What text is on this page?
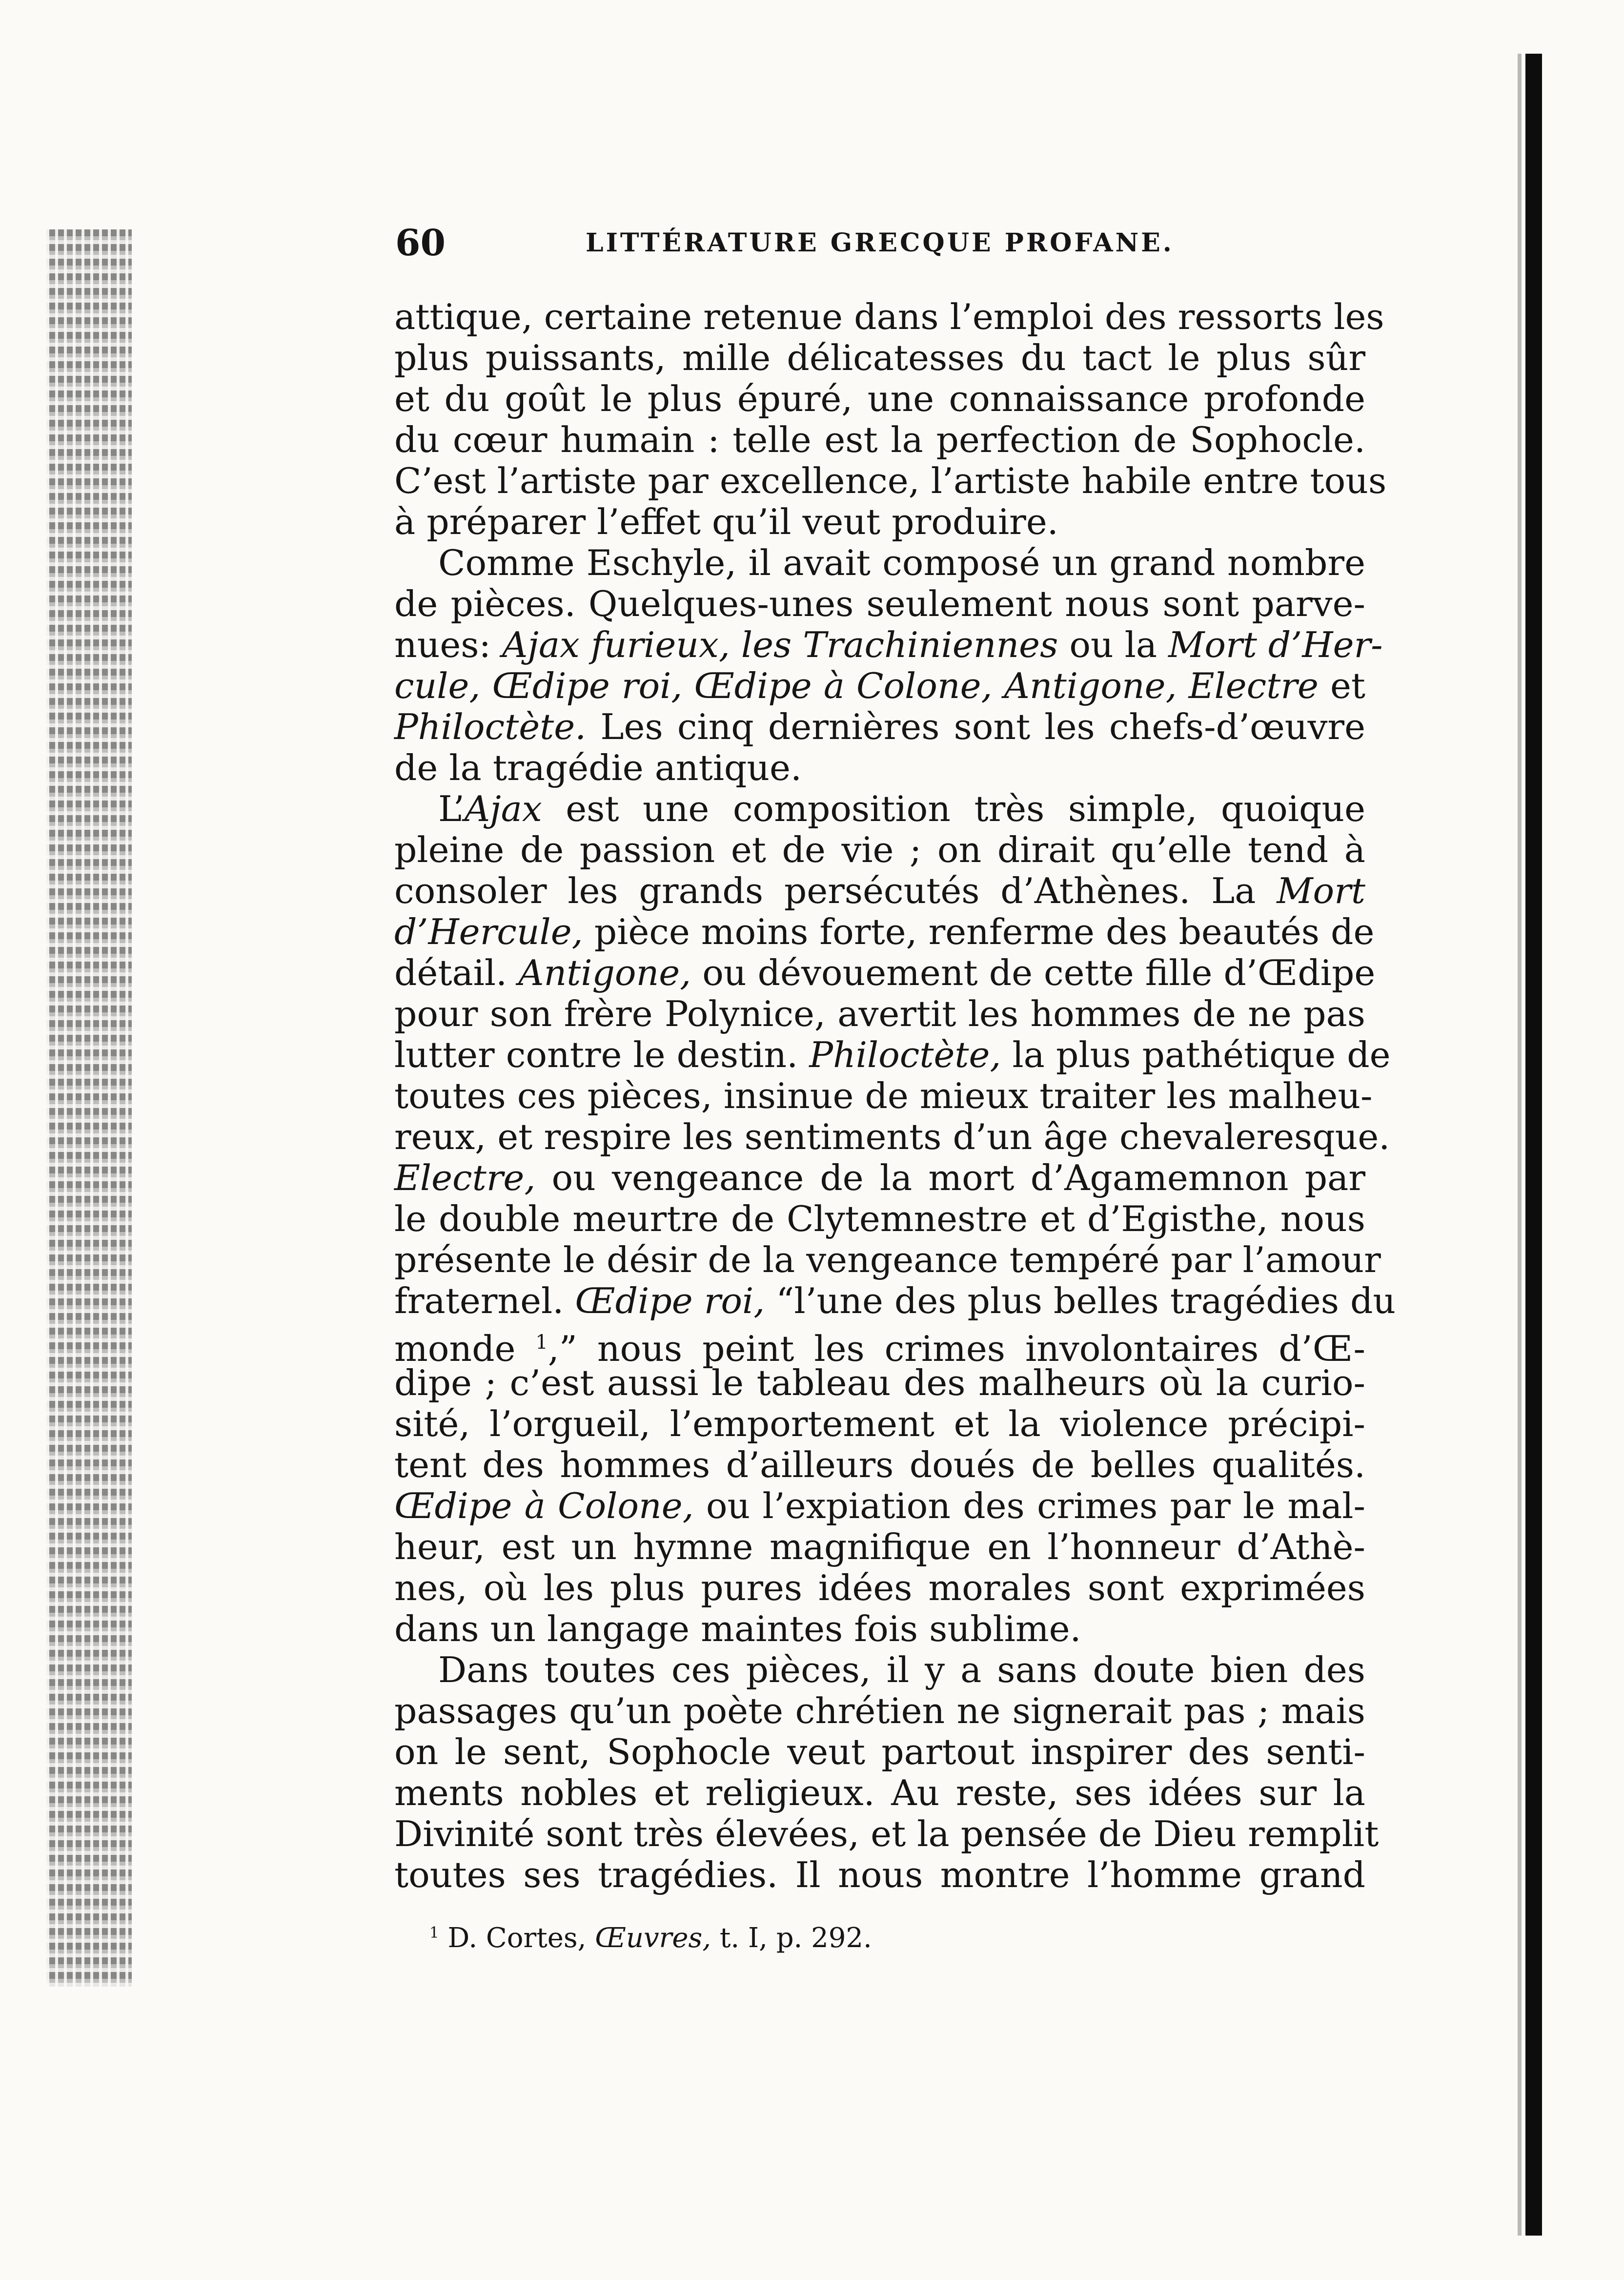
60	LITTÉRATURE GRECQUE PROFANE.
attique, certaine retenue dans l’emploi des ressorts les
plus puissants, mille délicatesses du tact le plus sûr
et du goût le plus épuré, une connaissance profonde
du cœur humain : telle est la perfection de Sophocle.
C’est l’artiste par excellence, l’artiste habile entre tous
à préparer l’effet qu’il veut produire.
Comme Eschyle, il avait composé un grand nombre
de pièces. Quelques-unes seulement nous sont parve-
nues: Ajax furieux, les Trachiniennes ou la Mort d’Her-
cule, Œdipe roi, Œdipe à Colone, Antigone, Electre et
Philoctète. Les cinq dernières sont les chefs-d’œuvre
de la tragédie antique.
L’Ajax est une composition très simple, quoique
pleine de passion et de vie ; on dirait qu’elle tend à
consoler les grands persécutés d’Athènes. La Mort
d’Hercule, pièce moins forte, renferme des beautés de
détail. Antigone, ou dévouement de cette fille d’Œdipe
pour son frère Polynice, avertit les hommes de ne pas
lutter contre le destin. Philoctète, la plus pathétique de
toutes ces pièces, insinue de mieux traiter les malheu-
reux, et respire les sentiments d’un âge chevaleresque.
Electre, ou vengeance de la mort d’Agamemnon par
le double meurtre de Clytemnestre et d’Egisthe, nous
présente le désir de la vengeance tempéré par l’amour
fraternel. Œdipe roi, “l’une des plus belles tragédies du
monde $^1$,” nous peint les crimes involontaires d’Œ-
dipe ; c’est aussi le tableau des malheurs où la curio-
sité, l’orgueil, l’emportement et la violence précipi-
tent des hommes d’ailleurs doués de belles qualités.
Œdipe à Colone, ou l’expiation des crimes par le mal-
heur, est un hymne magnifique en l’honneur d’Athè-
nes, où les plus pures idées morales sont exprimées
dans un langage maintes fois sublime.
Dans toutes ces pièces, il y a sans doute bien des
passages qu’un poète chrétien ne signerait pas ; mais
on le sent, Sophocle veut partout inspirer des senti-
ments nobles et religieux. Au reste, ses idées sur la
Divinité sont très élevées, et la pensée de Dieu remplit
toutes ses tragédies. Il nous montre l’homme grand
$^1$ D. Cortes, Œuvres, t. I, p. 292.
